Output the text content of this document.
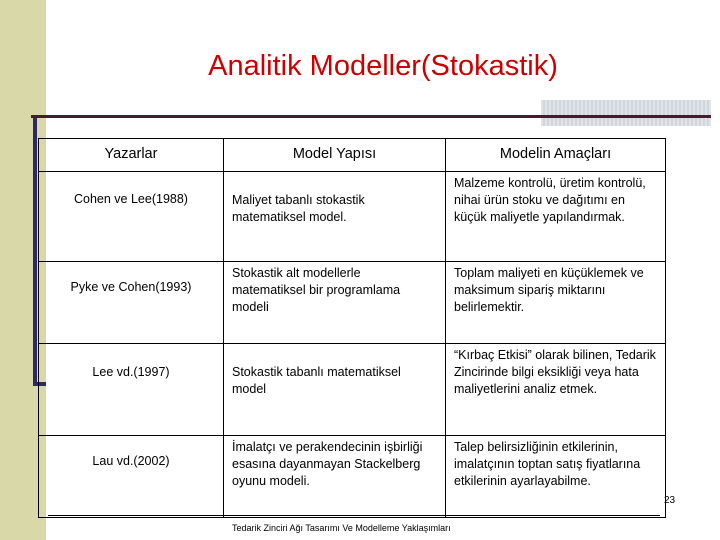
Analitik Modeller(Stokastik)
Yazarlar	Model Yapısı	Modelin Amaçları
Cohen ve Lee(1988)	Maliyet tabanlı stokastik matematiksel model.	Malzeme kontrolü, üretim kontrolü, nihai ürün stoku ve dağıtımı en küçük maliyetle yapılandırmak.
Pyke ve Cohen(1993)	Stokastik alt modellerle matematiksel bir programlama modeli	Toplam maliyeti en küçüklemek ve maksimum sipariş miktarını belirlemektir.
Lee vd.(1997)	Stokastik tabanlı matematiksel model	“Kırbaç Etkisi” olarak bilinen, Tedarik Zincirinde bilgi eksikliği veya hata maliyetlerini analiz etmek.
Lau vd.(2002)	İmalatçı ve perakendecinin işbirliği esasına dayanmayan Stackelberg oyunu modeli.	Talep belirsizliğinin etkilerinin, imalatçının toptan satış fiyatlarına etkilerinin ayarlayabilme.
Tedarik Zinciri Ağı Tasarımı Ve Modelleme Yaklaşımları
23
